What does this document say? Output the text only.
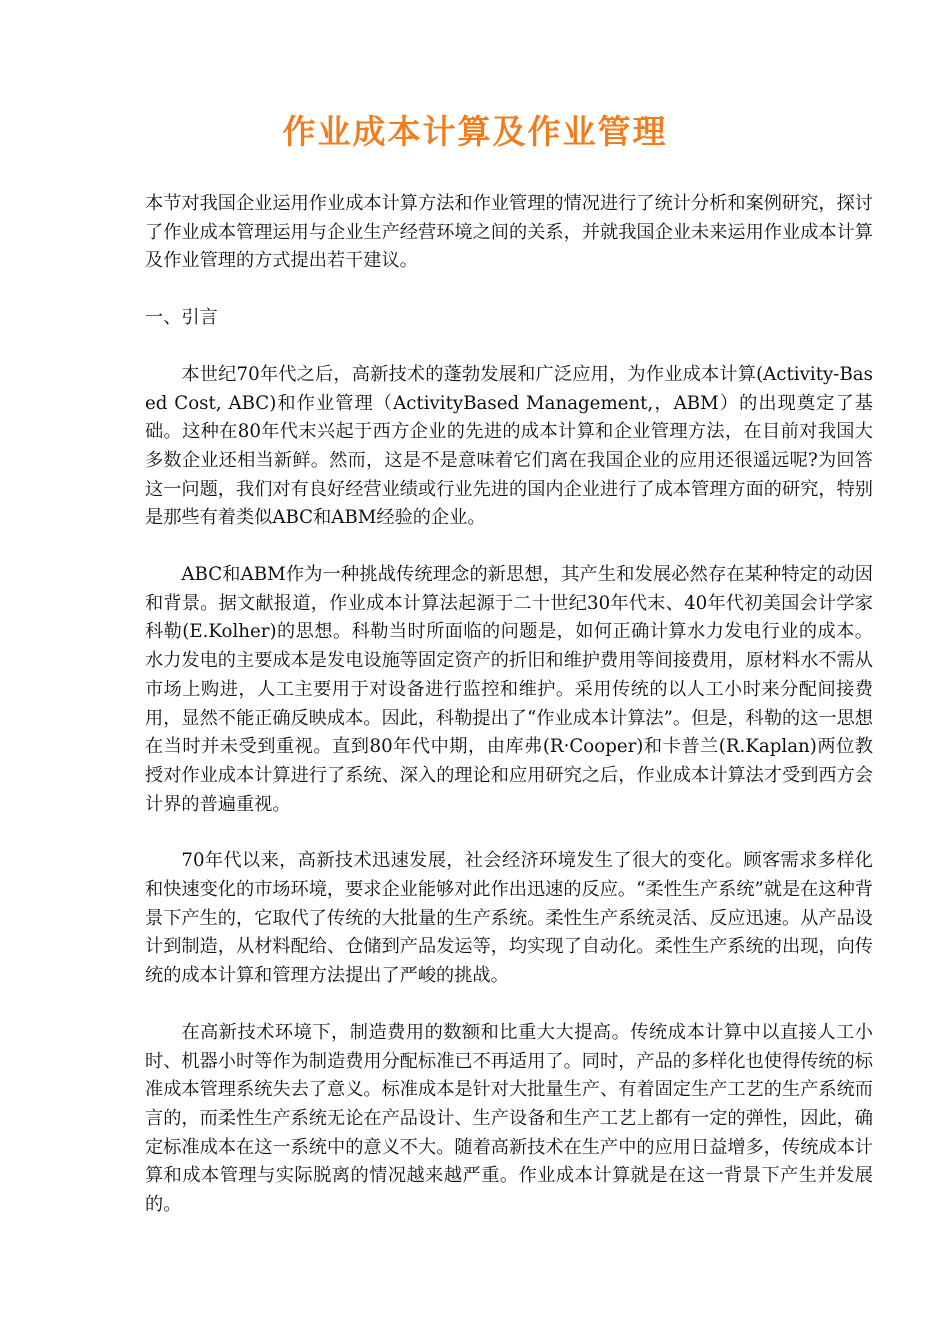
作业成本计算及作业管理

本节对我国企业运用作业成本计算方法和作业管理的情况进行了统计分析和案例研究，探讨了作业成本管理运用与企业生产经营环境之间的关系，并就我国企业未来运用作业成本计算及作业管理的方式提出若干建议。

一、引言

本世纪70年代之后，高新技术的蓬勃发展和广泛应用，为作业成本计算(Activity-Based Cost, ABC)和作业管理（ActivityBased Management,，ABM）的出现奠定了基础。这种在80年代末兴起于西方企业的先进的成本计算和企业管理方法，在目前对我国大多数企业还相当新鲜。然而，这是不是意味着它们离在我国企业的应用还很遥远呢?为回答这一问题，我们对有良好经营业绩或行业先进的国内企业进行了成本管理方面的研究，特别是那些有着类似ABC和ABM经验的企业。

ABC和ABM作为一种挑战传统理念的新思想，其产生和发展必然存在某种特定的动因和背景。据文献报道，作业成本计算法起源于二十世纪30年代末、40年代初美国会计学家科勒(E.Kolher)的思想。科勒当时所面临的问题是，如何正确计算水力发电行业的成本。水力发电的主要成本是发电设施等固定资产的折旧和维护费用等间接费用，原材料水不需从市场上购进，人工主要用于对设备进行监控和维护。采用传统的以人工小时来分配间接费用，显然不能正确反映成本。因此，科勒提出了“作业成本计算法”。但是，科勒的这一思想在当时并未受到重视。直到80年代中期，由库弗(R·Cooper)和卡普兰(R.Kaplan)两位教授对作业成本计算进行了系统、深入的理论和应用研究之后，作业成本计算法才受到西方会计界的普遍重视。

70年代以来，高新技术迅速发展，社会经济环境发生了很大的变化。顾客需求多样化和快速变化的市场环境，要求企业能够对此作出迅速的反应。“柔性生产系统”就是在这种背景下产生的，它取代了传统的大批量的生产系统。柔性生产系统灵活、反应迅速。从产品设计到制造，从材料配给、仓储到产品发运等，均实现了自动化。柔性生产系统的出现，向传统的成本计算和管理方法提出了严峻的挑战。

在高新技术环境下，制造费用的数额和比重大大提高。传统成本计算中以直接人工小时、机器小时等作为制造费用分配标准已不再适用了。同时，产品的多样化也使得传统的标准成本管理系统失去了意义。标准成本是针对大批量生产、有着固定生产工艺的生产系统而言的，而柔性生产系统无论在产品设计、生产设备和生产工艺上都有一定的弹性，因此，确定标准成本在这一系统中的意义不大。随着高新技术在生产中的应用日益增多，传统成本计算和成本管理与实际脱离的情况越来越严重。作业成本计算就是在这一背景下产生并发展的。
